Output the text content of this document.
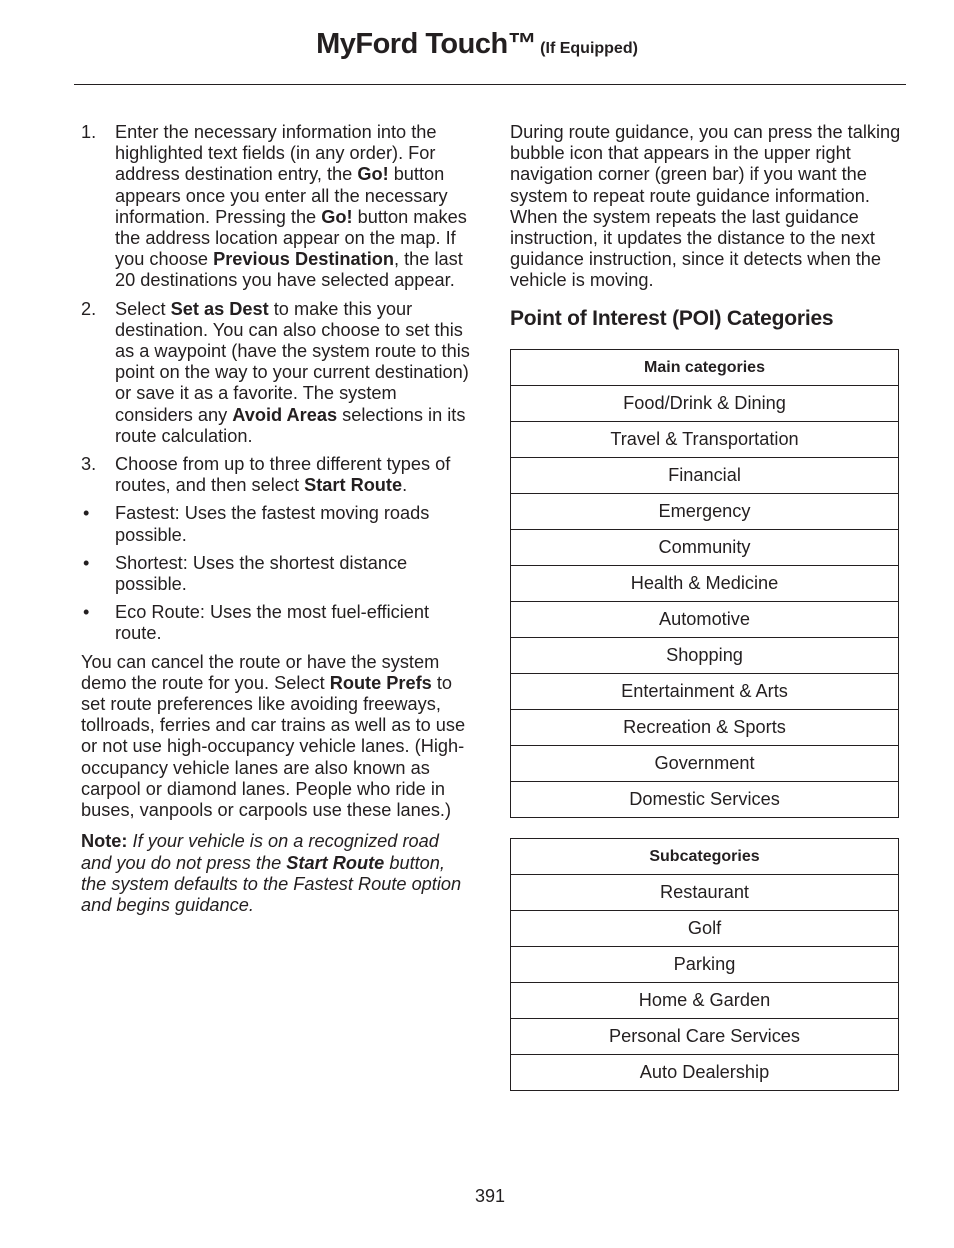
MyFord Touch™ (If Equipped)
1. Enter the necessary information into the highlighted text fields (in any order). For address destination entry, the Go! button appears once you enter all the necessary information. Pressing the Go! button makes the address location appear on the map. If you choose Previous Destination, the last 20 destinations you have selected appear.
2. Select Set as Dest to make this your destination. You can also choose to set this as a waypoint (have the system route to this point on the way to your current destination) or save it as a favorite. The system considers any Avoid Areas selections in its route calculation.
3. Choose from up to three different types of routes, and then select Start Route.
• Fastest: Uses the fastest moving roads possible.
• Shortest: Uses the shortest distance possible.
• Eco Route: Uses the most fuel-efficient route.

You can cancel the route or have the system demo the route for you. Select Route Prefs to set route preferences like avoiding freeways, tollroads, ferries and car trains as well as to use or not use high-occupancy vehicle lanes. (High-occupancy vehicle lanes are also known as carpool or diamond lanes. People who ride in buses, vanpools or carpools use these lanes.)

Note: If your vehicle is on a recognized road and you do not press the Start Route button, the system defaults to the Fastest Route option and begins guidance.

During route guidance, you can press the talking bubble icon that appears in the upper right navigation corner (green bar) if you want the system to repeat route guidance information. When the system repeats the last guidance instruction, it updates the distance to the next guidance instruction, since it detects when the vehicle is moving.

Point of Interest (POI) Categories
Main categories
Food/Drink & Dining
Travel & Transportation
Financial
Emergency
Community
Health & Medicine
Automotive
Shopping
Entertainment & Arts
Recreation & Sports
Government
Domestic Services
Subcategories
Restaurant
Golf
Parking
Home & Garden
Personal Care Services
Auto Dealership
391
